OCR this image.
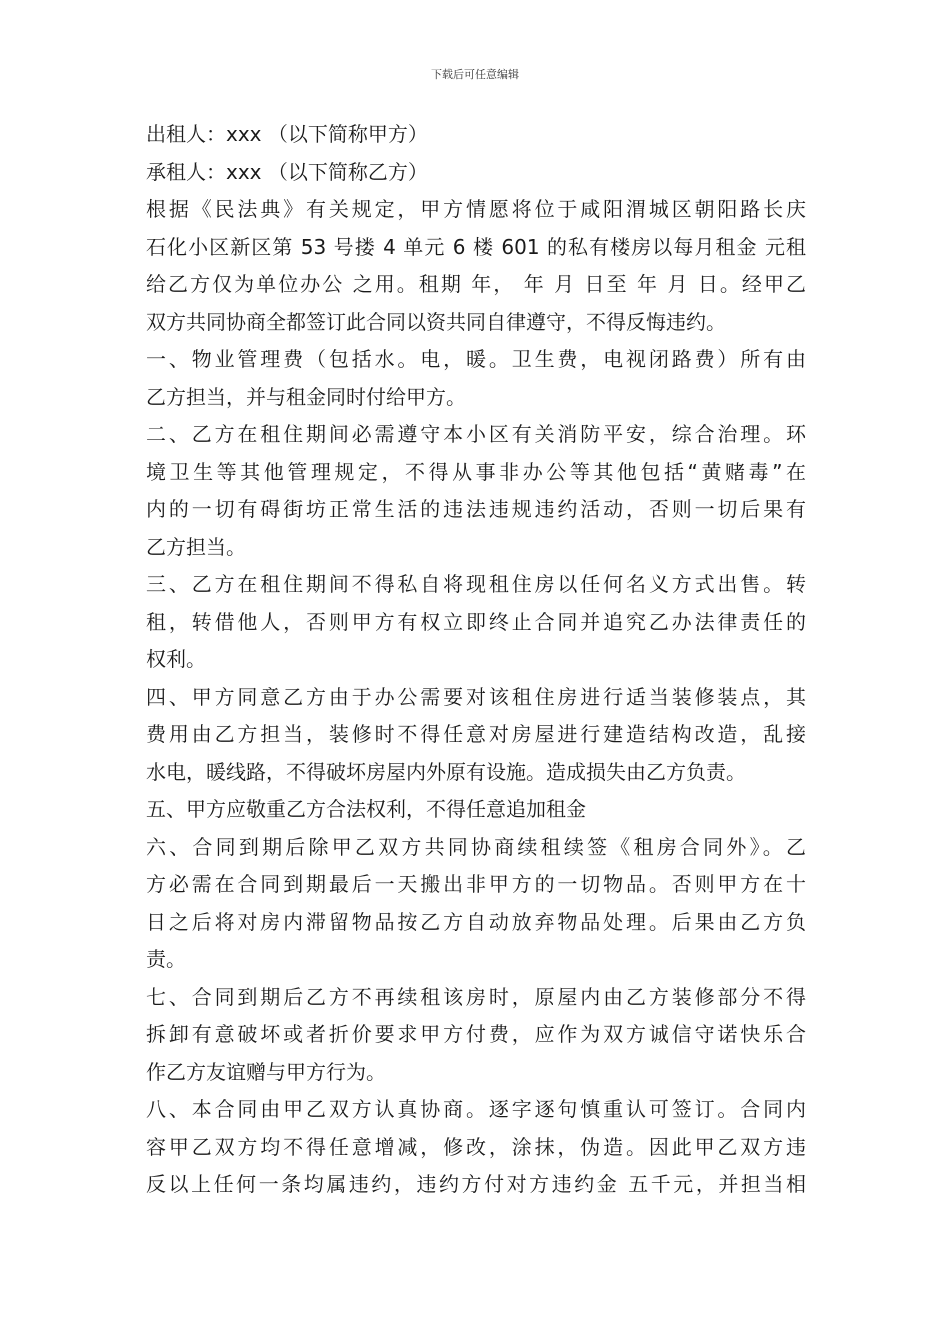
下载后可任意编辑
出租人：xxx （以下简称甲方）
承租人：xxx （以下简称乙方）
根据《民法典》有关规定，甲方情愿将位于咸阳渭城区朝阳路长庆
石化小区新区第 53 号搂 4 单元 6 楼 601 的私有楼房以每月租金 元租
给乙方仅为单位办公 之用。租期 年， 年 月 日至 年 月 日。经甲乙
双方共同协商全都签订此合同以资共同自律遵守，不得反悔违约。
一、物业管理费（包括水。电，暖。卫生费，电视闭路费）所有由
乙方担当，并与租金同时付给甲方。
二、乙方在租住期间必需遵守本小区有关消防平安，综合治理。环
境卫生等其他管理规定，不得从事非办公等其他包括“黄赌毒”在
内的一切有碍街坊正常生活的违法违规违约活动，否则一切后果有
乙方担当。
三、乙方在租住期间不得私自将现租住房以任何名义方式出售。转
租，转借他人，否则甲方有权立即终止合同并追究乙办法律责任的
权利。
四、甲方同意乙方由于办公需要对该租住房进行适当装修装点，其
费用由乙方担当，装修时不得任意对房屋进行建造结构改造，乱接
水电，暖线路，不得破坏房屋内外原有设施。造成损失由乙方负责。
五、甲方应敬重乙方合法权利，不得任意追加租金
六、合同到期后除甲乙双方共同协商续租续签《租房合同外》。乙
方必需在合同到期最后一天搬出非甲方的一切物品。否则甲方在十
日之后将对房内滞留物品按乙方自动放弃物品处理。后果由乙方负
责。
七、合同到期后乙方不再续租该房时，原屋内由乙方装修部分不得
拆卸有意破坏或者折价要求甲方付费，应作为双方诚信守诺快乐合
作乙方友谊赠与甲方行为。
八、本合同由甲乙双方认真协商。逐字逐句慎重认可签订。合同内
容甲乙双方均不得任意增减，修改，涂抹，伪造。因此甲乙双方违
反以上任何一条均属违约，违约方付对方违约金 五千元，并担当相
